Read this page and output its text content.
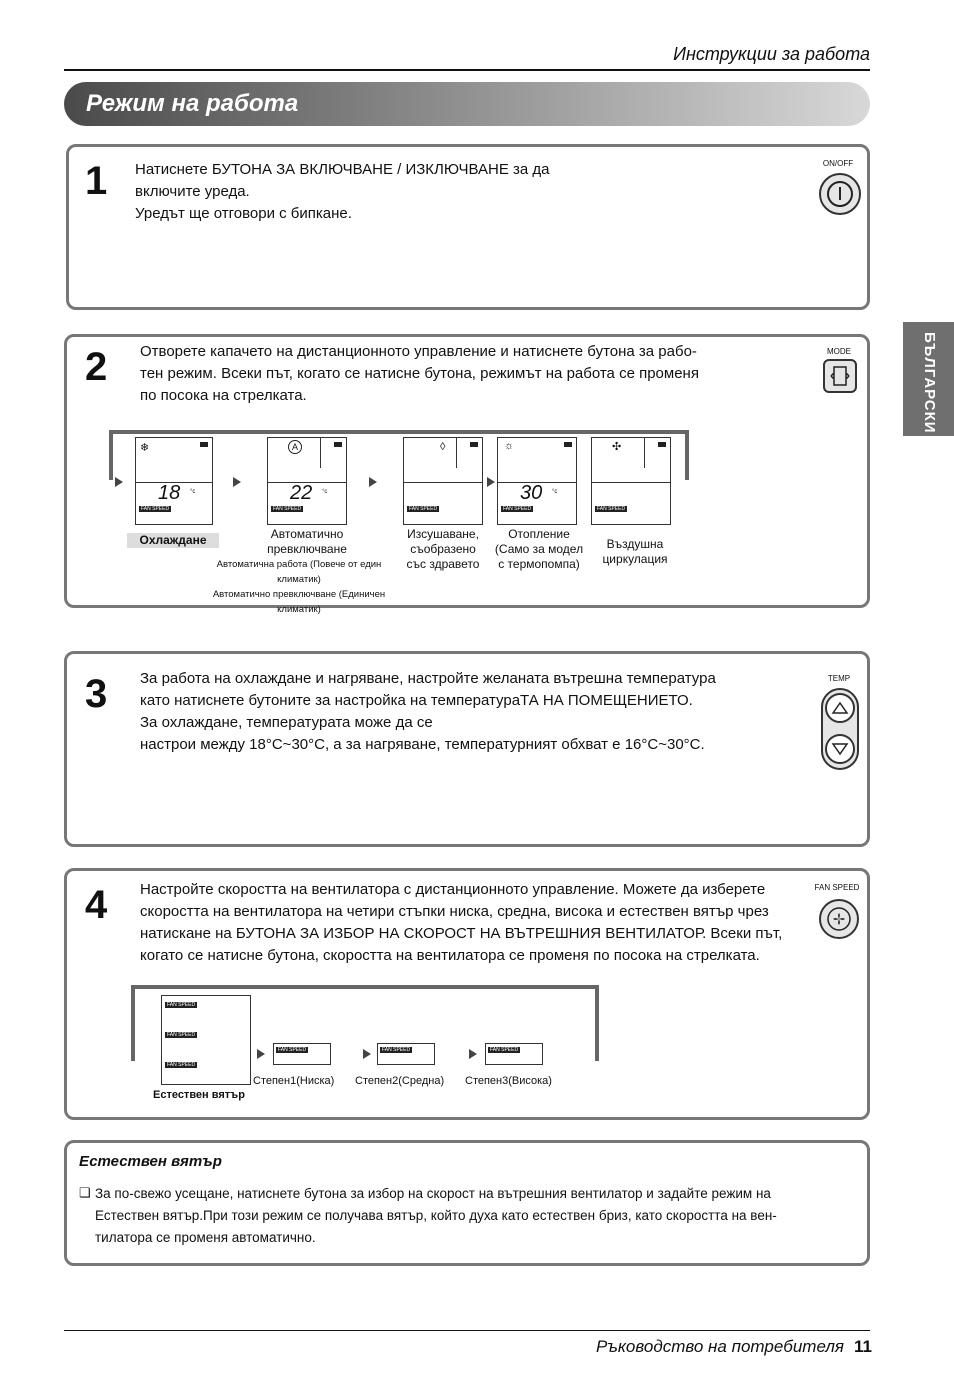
Инструкции за работа
Режим на работа
БЪЛГАРСКИ
1 Натиснете БУТОНА ЗА ВКЛЮЧВАНЕ / ИЗКЛЮЧВАНЕ за да
включите уреда.
Уредът ще отговори с бипкане.
ON/OFF
2 Отворете капачето на дистанционното управление и натиснете бутона за рабо-
тен режим. Всеки път, когато се натисне бутона, режимът на работа се променя
по посока на стрелката.
MODE
❄
18 °c
FAN SPEED
A
22 °c
FAN SPEED
◊
FAN SPEED
☼
30 °c
FAN SPEED
✣
FAN SPEED
Охлаждане	Автоматично
превключване
Автоматична работа (Повече от един климатик)
Автоматично превключване (Единичен климатик)
Изсушаване,
съобразено
със здравето
Отопление
(Само за модел
с термопомпа)
Въздушна
циркулация
3 За работа на охлаждане и нагряване, настройте желаната вътрешна температура
като натиснете бутоните за настройка на температураТА НА ПОМЕЩЕНИЕТО.
За охлаждане, температурата може да се
настрои между 18°C~30°C, а за нагряване, температурният обхват е 16°C~30°C.
TEMP
4 Настройте скоростта на вентилатора с дистанционното управление. Можете да изберете
скоростта на вентилатора на четири стъпки ниска, средна, висока и естествен вятър чрез
натискане на БУТОНА ЗА ИЗБОР НА СКОРОСТ НА ВЪТРЕШНИЯ ВЕНТИЛАТОР. Всеки път,
когато се натисне бутона, скоростта на вентилатора се променя по посока на стрелката.
FAN SPEED
FAN SPEED
FAN SPEED
FAN SPEED
Естествен вятър
FAN SPEED
Степен1(Ниска)
FAN SPEED
Степен2(Средна)
FAN SPEED
Степен3(Висока)
Естествен вятър
❏ За по-свежо усещане, натиснете бутона за избор на скорост на вътрешния вентилатор и задайте режим на
Естествен вятър.При този режим се получава вятър, който духа като естествен бриз, като скоростта на вен-
тилатора се променя автоматично.
Ръководство на потребителя 11
